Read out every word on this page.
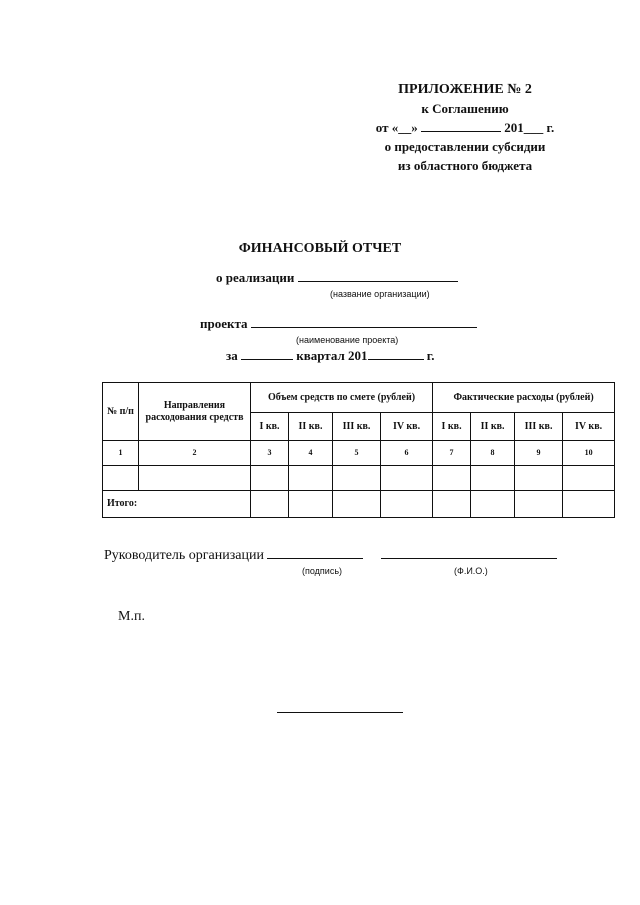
ПРИЛОЖЕНИЕ № 2
к Соглашению
от «__»	201___ г.
о предоставлении субсидии
из областного бюджета
ФИНАНСОВЫЙ ОТЧЕТ
о реализации
(название организации)
проекта
(наименование проекта)
за	квартал 201	г.
№ п/п	Направления расходования средств	Объем средств по смете (рублей)				Фактические расходы (рублей)			
		I кв.	II кв.	III кв.	IV кв.	I кв.	II кв.	III кв.	IV кв.
1	2	3	4	5	6	7	8	9	10

Итого:									
Руководитель организации
(подпись)	(Ф.И.О.)
М.п.
